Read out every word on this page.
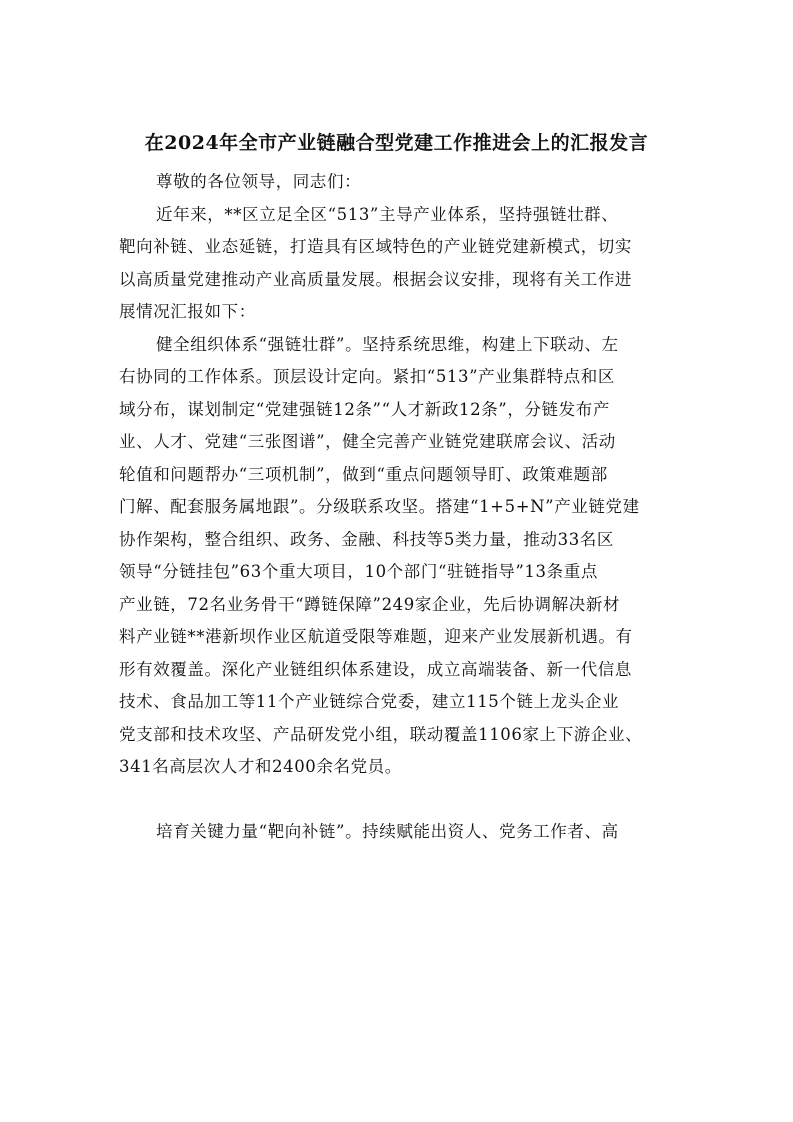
在2024年全市产业链融合型党建工作推进会上的汇报发言
尊敬的各位领导，同志们：
近年来，**区立足全区“513”主导产业体系，坚持强链壮群、
靶向补链、业态延链，打造具有区域特色的产业链党建新模式，切实
以高质量党建推动产业高质量发展。根据会议安排，现将有关工作进
展情况汇报如下：
健全组织体系“强链壮群”。坚持系统思维，构建上下联动、左
右协同的工作体系。顶层设计定向。紧扣“513”产业集群特点和区
域分布，谋划制定“党建强链12条”“人才新政12条”，分链发布产
业、人才、党建“三张图谱”，健全完善产业链党建联席会议、活动
轮值和问题帮办“三项机制”，做到“重点问题领导盯、政策难题部
门解、配套服务属地跟”。分级联系攻坚。搭建“1+5+N”产业链党建
协作架构，整合组织、政务、金融、科技等5类力量，推动33名区
领导“分链挂包”63个重大项目，10个部门“驻链指导”13条重点
产业链，72名业务骨干“蹲链保障”249家企业，先后协调解决新材
料产业链**港新坝作业区航道受限等难题，迎来产业发展新机遇。有
形有效覆盖。深化产业链组织体系建设，成立高端装备、新一代信息
技术、食品加工等11个产业链综合党委，建立115个链上龙头企业
党支部和技术攻坚、产品研发党小组，联动覆盖1106家上下游企业、
341名高层次人才和2400余名党员。
培育关键力量“靶向补链”。持续赋能出资人、党务工作者、高
